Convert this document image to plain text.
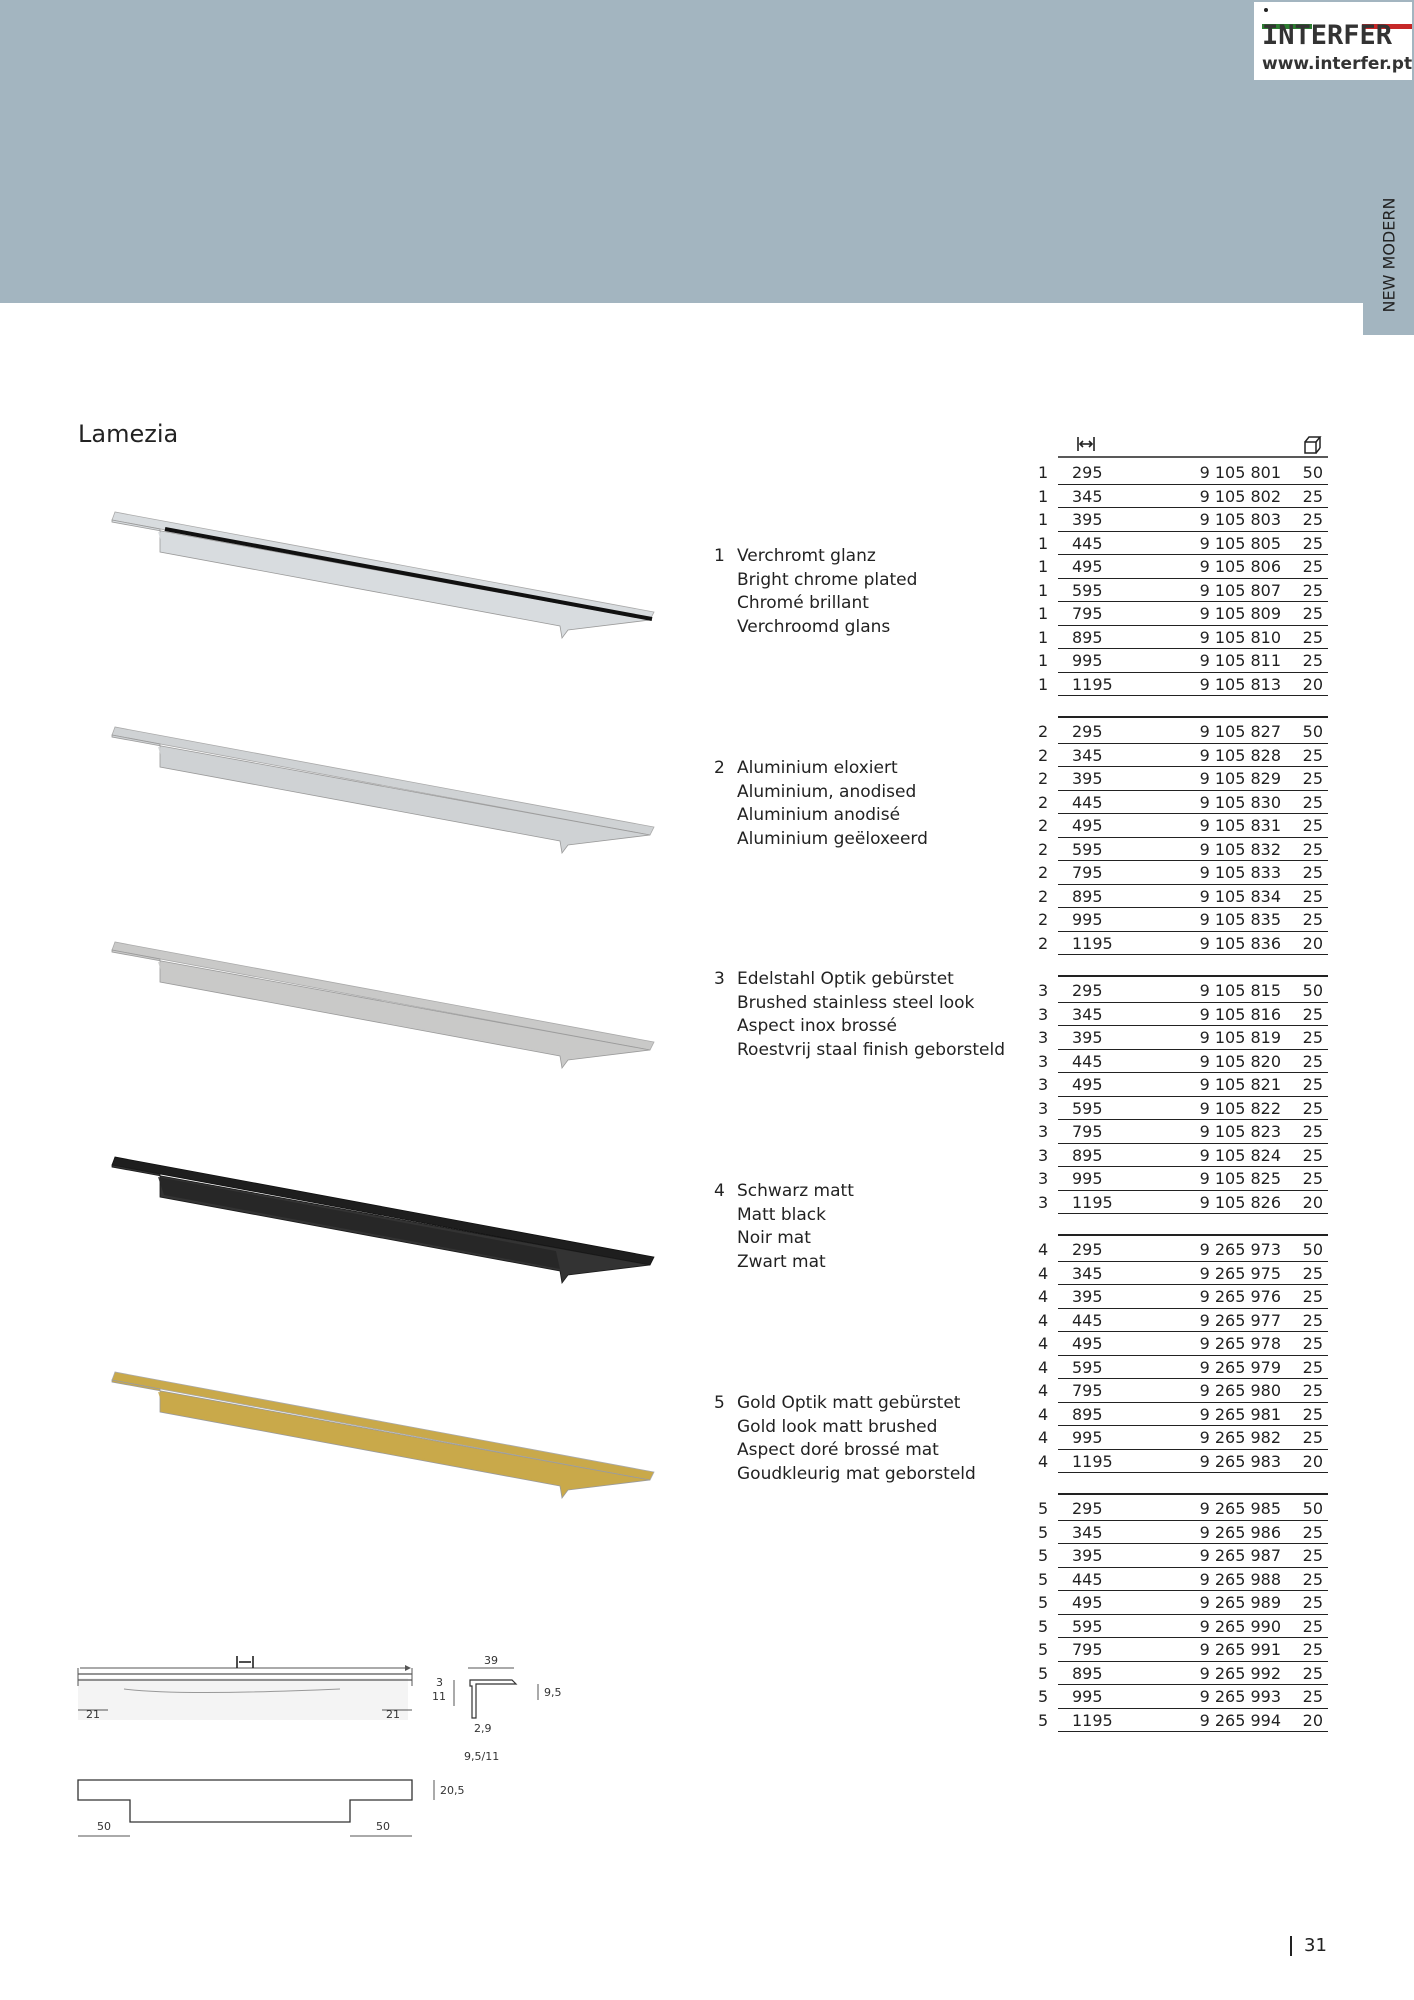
INTERFER
www.interfer.pt
NEW MODERN
Lamezia
1 Verchromt glanz
Bright chrome plated
Chromé brillant
Verchroomd glans
2 Aluminium eloxiert
Aluminium, anodised
Aluminium anodisé
Aluminium geëloxeerd
3 Edelstahl Optik gebürstet
Brushed stainless steel look
Aspect inox brossé
Roestvrij staal finish geborsteld
4 Schwarz matt
Matt black
Noir mat
Zwart mat
5 Gold Optik matt gebürstet
Gold look matt brushed
Aspect doré brossé mat
Goudkleurig mat geborsteld
1 295	9 105 801 50
1 345	9 105 802 25
1 395	9 105 803 25
1 445	9 105 805 25
1 495	9 105 806 25
1 595	9 105 807 25
1 795	9 105 809 25
1 895	9 105 810 25
1 995	9 105 811 25
1 1195	9 105 813 20
2 295	9 105 827 50
2 345	9 105 828 25
2 395	9 105 829 25
2 445	9 105 830 25
2 495	9 105 831 25
2 595	9 105 832 25
2 795	9 105 833 25
2 895	9 105 834 25
2 995	9 105 835 25
2 1195	9 105 836 20
3 295	9 105 815 50
3 345	9 105 816 25
3 395	9 105 819 25
3 445	9 105 820 25
3 495	9 105 821 25
3 595	9 105 822 25
3 795	9 105 823 25
3 895	9 105 824 25
3 995	9 105 825 25
3 1195	9 105 826 20
4 295	9 265 973 50
4 345	9 265 975 25
4 395	9 265 976 25
4 445	9 265 977 25
4 495	9 265 978 25
4 595	9 265 979 25
4 795	9 265 980 25
4 895	9 265 981 25
4 995	9 265 982 25
4 1195	9 265 983 20
5 295	9 265 985 50
5 345	9 265 986 25
5 395	9 265 987 25
5 445	9 265 988 25
5 495	9 265 989 25
5 595	9 265 990 25
5 795	9 265 991 25
5 895	9 265 992 25
5 995	9 265 993 25
5 1195	9 265 994 20
21	21
39
3
11	9,5
2,9
9,5/11
20,5
50	50
31
